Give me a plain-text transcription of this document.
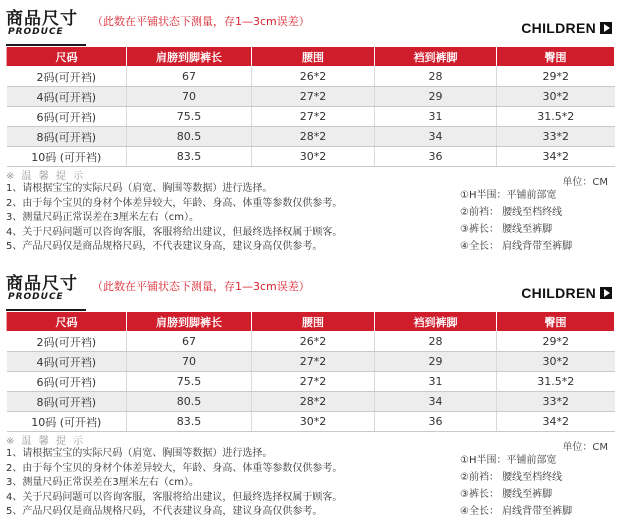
商品尺寸
PRODUCE
（此数在平铺状态下测量，存1—3cm误差）	CHILDREN
尺码	肩膀到脚裤长	腰围	裆到裤脚	臀围
2码(可开裆)	67	26*2	28	29*2
4码(可开裆)	70	27*2	29	30*2
6码(可开裆)	75.5	27*2	31	31.5*2
8码(可开裆)	80.5	28*2	34	33*2
10码 (可开裆)	83.5	30*2	36	34*2
※ 温 馨 提 示
1、请根据宝宝的实际尺码（肩宽、胸围等数据）进行选择。
2、由于每个宝贝的身材个体差异较大，年龄、身高、体重等参数仅供参考。
3、测量尺码正常误差在3厘米左右（cm）。
4、关于尺码问题可以咨询客服，客服将给出建议，但最终选择权属于顾客。
5、产品尺码仅是商品规格尺码，不代表建议身高，建议身高仅供参考。
单位：CM
①H半围：平铺前部宽
②前裆： 腰线至档终线
③裤长： 腰线至裤脚
④全长： 肩线背带至裤脚
商品尺寸
PRODUCE
（此数在平铺状态下测量，存1—3cm误差）	CHILDREN
尺码	肩膀到脚裤长	腰围	裆到裤脚	臀围
2码(可开裆)	67	26*2	28	29*2
4码(可开裆)	70	27*2	29	30*2
6码(可开裆)	75.5	27*2	31	31.5*2
8码(可开裆)	80.5	28*2	34	33*2
10码 (可开裆)	83.5	30*2	36	34*2
※ 温 馨 提 示
1、请根据宝宝的实际尺码（肩宽、胸围等数据）进行选择。
2、由于每个宝贝的身材个体差异较大，年龄、身高、体重等参数仅供参考。
3、测量尺码正常误差在3厘米左右（cm）。
4、关于尺码问题可以咨询客服，客服将给出建议，但最终选择权属于顾客。
5、产品尺码仅是商品规格尺码，不代表建议身高，建议身高仅供参考。
单位：CM
①H半围：平铺前部宽
②前裆： 腰线至档终线
③裤长： 腰线至裤脚
④全长： 肩线背带至裤脚
